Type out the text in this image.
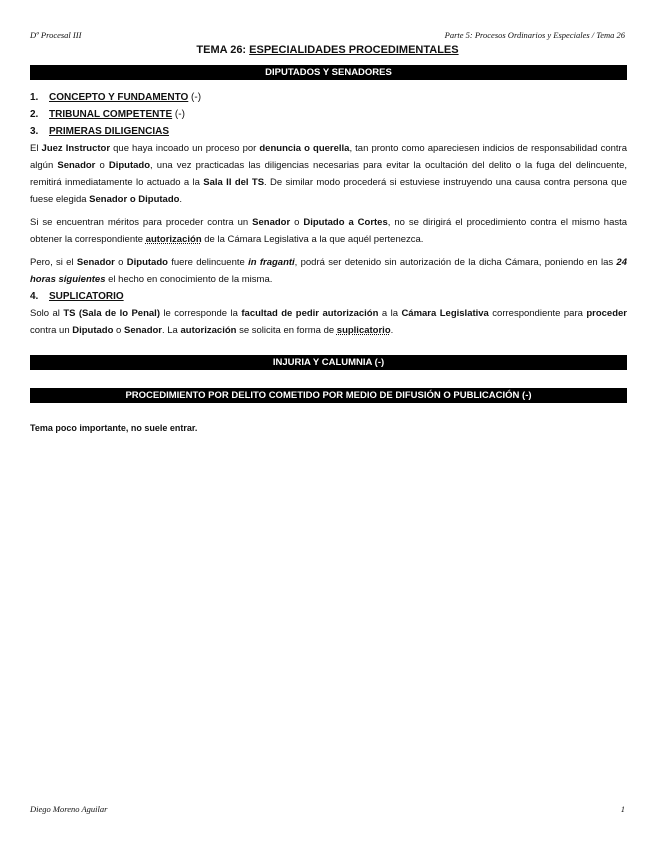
Dº Procesal III	Parte 5: Procesos Ordinarios y Especiales / Tema 26
TEMA 26: ESPECIALIDADES PROCEDIMENTALES
DIPUTADOS Y SENADORES
1. CONCEPTO Y FUNDAMENTO (-)
2. TRIBUNAL COMPETENTE (-)
3. PRIMERAS DILIGENCIAS

El Juez Instructor que haya incoado un proceso por denuncia o querella, tan pronto como apareciesen indicios de responsabilidad contra algún Senador o Diputado, una vez practicadas las diligencias necesarias para evitar la ocultación del delito o la fuga del delincuente, remitirá inmediatamente lo actuado a la Sala II del TS. De similar modo procederá si estuviese instruyendo una causa contra persona que fuese elegida Senador o Diputado.

Si se encuentran méritos para proceder contra un Senador o Diputado a Cortes, no se dirigirá el procedimiento contra el mismo hasta obtener la correspondiente autorización de la Cámara Legislativa a la que aquél pertenezca.

Pero, si el Senador o Diputado fuere delincuente in fraganti, podrá ser detenido sin autorización de la dicha Cámara, poniendo en las 24 horas siguientes el hecho en conocimiento de la misma.

4. SUPLICATORIO

Solo al TS (Sala de lo Penal) le corresponde la facultad de pedir autorización a la Cámara Legislativa correspondiente para proceder contra un Diputado o Senador. La autorización se solicita en forma de suplicatorio.

INJURIA Y CALUMNIA (-)
PROCEDIMIENTO POR DELITO COMETIDO POR MEDIO DE DIFUSIÓN O PUBLICACIÓN (-)
Tema poco importante, no suele entrar.
Diego Moreno Aguilar	1
